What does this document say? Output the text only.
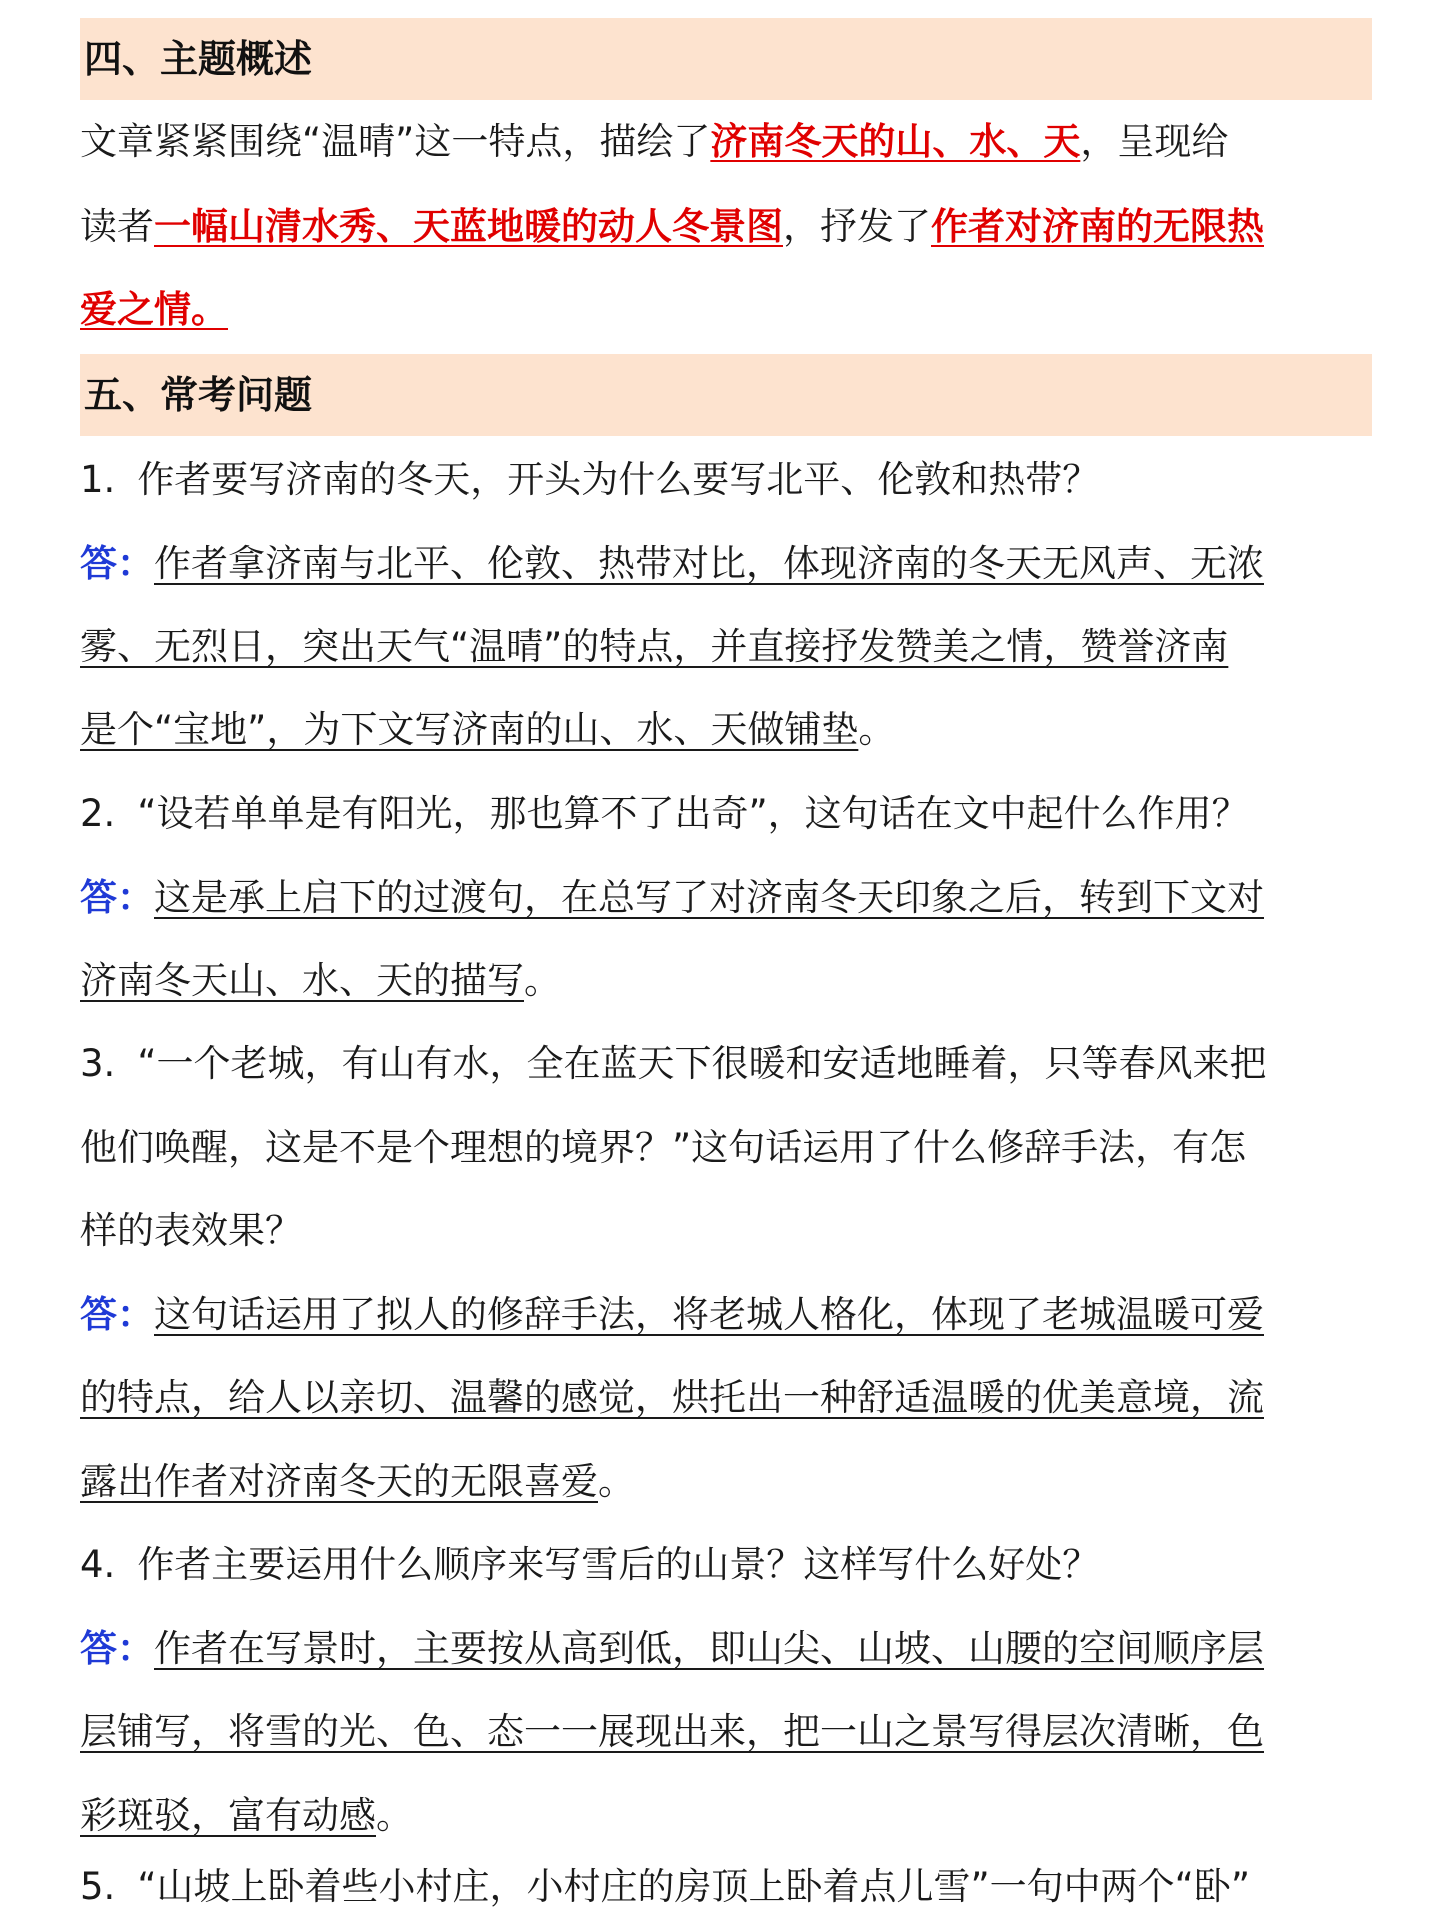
四、主题概述
文章紧紧围绕“温晴”这一特点，描绘了济南冬天的山、水、天，呈现给
读者一幅山清水秀、天蓝地暖的动人冬景图，抒发了作者对济南的无限热
爱之情。
五、常考问题
1. 作者要写济南的冬天，开头为什么要写北平、伦敦和热带？
答：作者拿济南与北平、伦敦、热带对比，体现济南的冬天无风声、无浓
雾、无烈日，突出天气“温晴”的特点，并直接抒发赞美之情，赞誉济南
是个“宝地”，为下文写济南的山、水、天做铺垫。
2. “设若单单是有阳光，那也算不了出奇”，这句话在文中起什么作用？
答：这是承上启下的过渡句，在总写了对济南冬天印象之后，转到下文对
济南冬天山、水、天的描写。
3. “一个老城，有山有水，全在蓝天下很暖和安适地睡着，只等春风来把
他们唤醒，这是不是个理想的境界？”这句话运用了什么修辞手法，有怎
样的表效果？
答：这句话运用了拟人的修辞手法，将老城人格化，体现了老城温暖可爱
的特点，给人以亲切、温馨的感觉，烘托出一种舒适温暖的优美意境，流
露出作者对济南冬天的无限喜爱。
4. 作者主要运用什么顺序来写雪后的山景？这样写什么好处？
答：作者在写景时，主要按从高到低，即山尖、山坡、山腰的空间顺序层
层铺写，将雪的光、色、态一一展现出来，把一山之景写得层次清晰，色
彩斑驳，富有动感。
5. “山坡上卧着些小村庄，小村庄的房顶上卧着点儿雪”一句中两个“卧”
